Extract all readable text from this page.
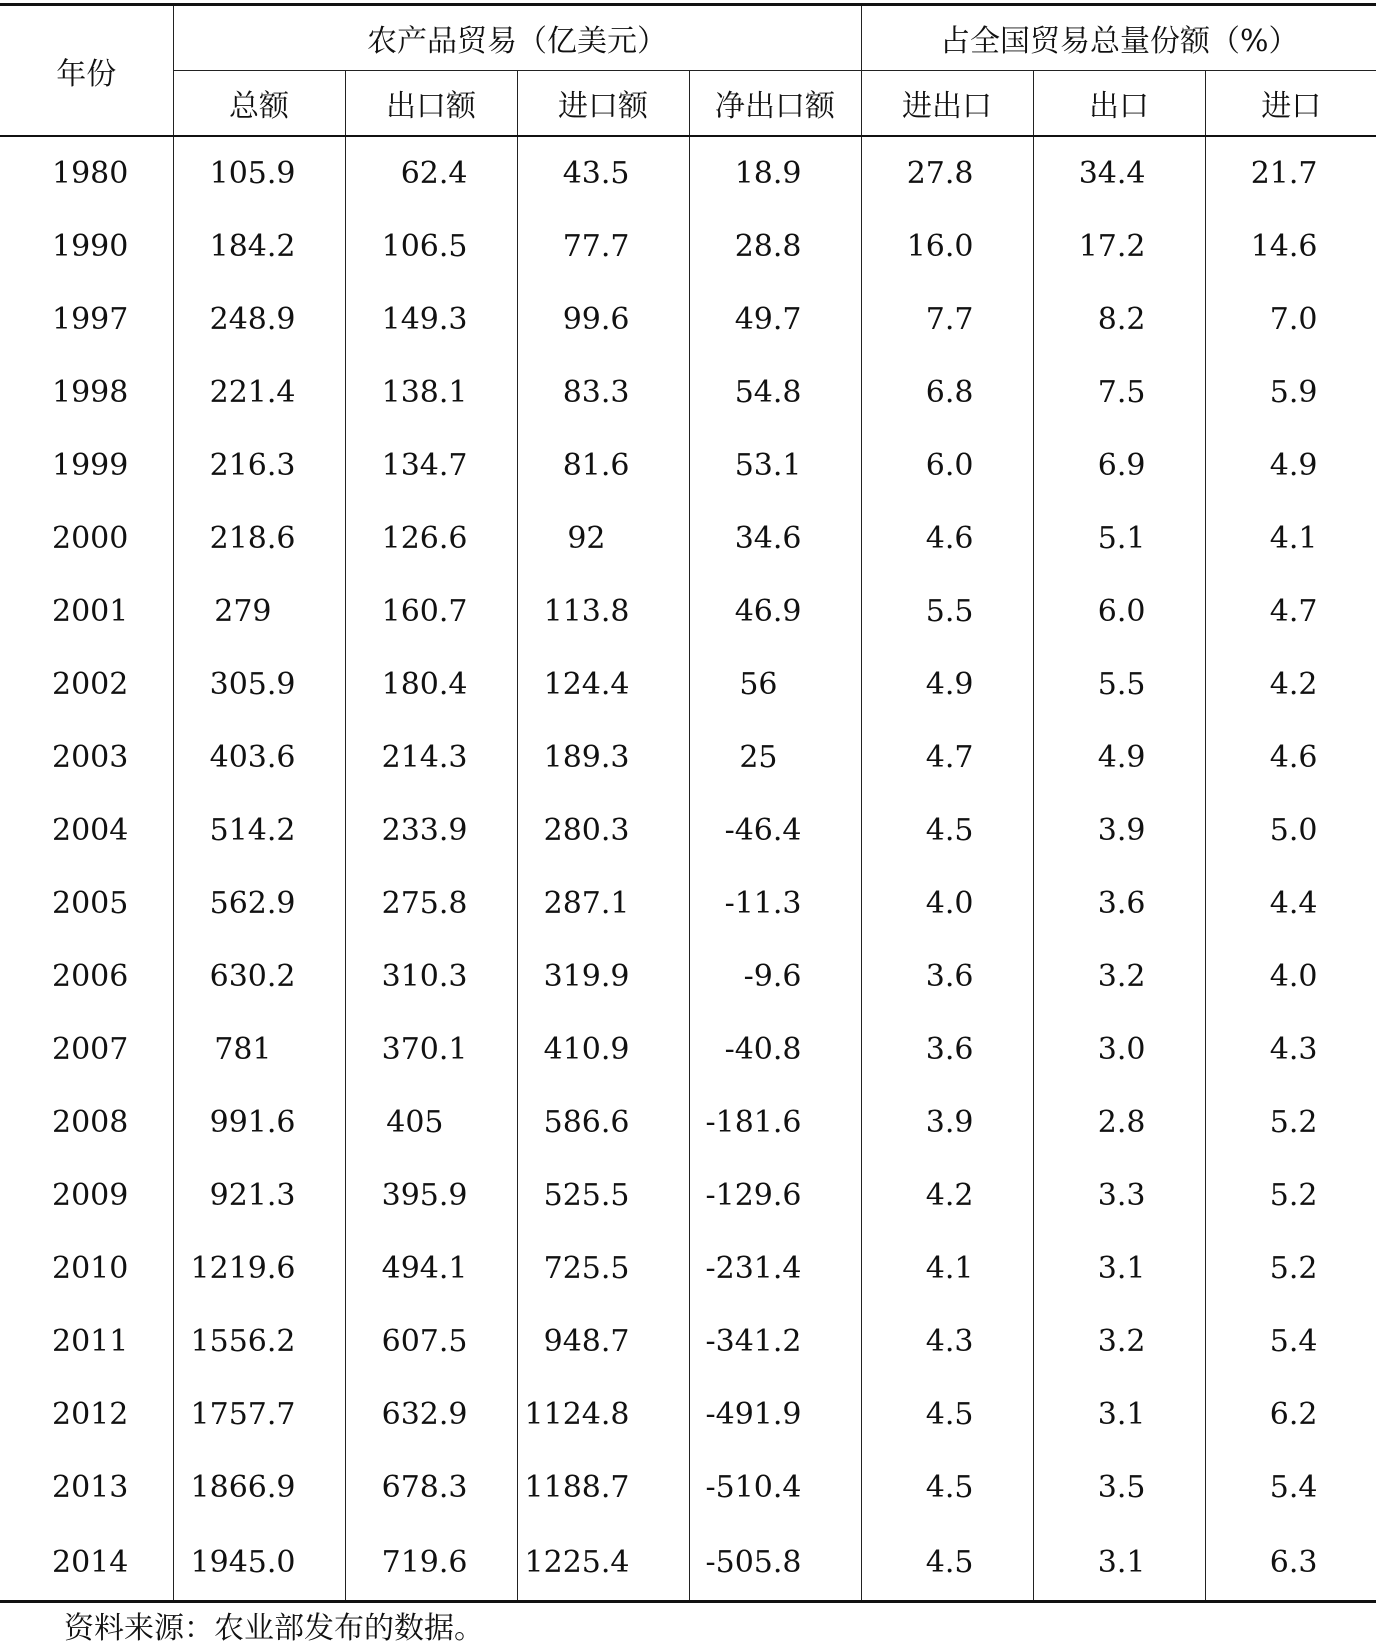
年份	农产品贸易（亿美元）				占全国贸易总量份额（%）		
	总额	出口额	进口额	净出口额	进出口	出口	进口
1980	105.9	62.4	43.5	18.9	27.8	34.4	21.7
1990	184.2	106.5	77.7	28.8	16.0	17.2	14.6
1997	248.9	149.3	99.6	49.7	7.7	8.2	7.0
1998	221.4	138.1	83.3	54.8	6.8	7.5	5.9
1999	216.3	134.7	81.6	53.1	6.0	6.9	4.9
2000	218.6	126.6	92	34.6	4.6	5.1	4.1
2001	279	160.7	113.8	46.9	5.5	6.0	4.7
2002	305.9	180.4	124.4	56	4.9	5.5	4.2
2003	403.6	214.3	189.3	25	4.7	4.9	4.6
2004	514.2	233.9	280.3	-46.4	4.5	3.9	5.0
2005	562.9	275.8	287.1	-11.3	4.0	3.6	4.4
2006	630.2	310.3	319.9	-9.6	3.6	3.2	4.0
2007	781	370.1	410.9	-40.8	3.6	3.0	4.3
2008	991.6	405	586.6	-181.6	3.9	2.8	5.2
2009	921.3	395.9	525.5	-129.6	4.2	3.3	5.2
2010	1219.6	494.1	725.5	-231.4	4.1	3.1	5.2
2011	1556.2	607.5	948.7	-341.2	4.3	3.2	5.4
2012	1757.7	632.9	1124.8	-491.9	4.5	3.1	6.2
2013	1866.9	678.3	1188.7	-510.4	4.5	3.5	5.4
2014	1945.0	719.6	1225.4	-505.8	4.5	3.1	6.3
资料来源：农业部发布的数据。
